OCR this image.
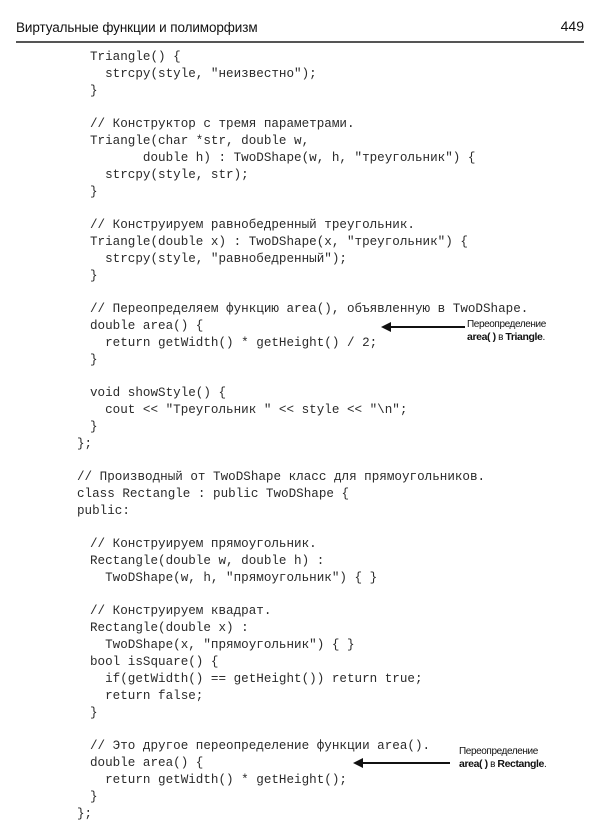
Виртуальные функции и полиморфизм	449
Triangle() {
strcpy(style, "неизвестно");
}
// Конструктор с тремя параметрами.
Triangle(char *str, double w,
double h) : TwoDShape(w, h, "треугольник") {
strcpy(style, str);
}
// Конструируем равнобедренный треугольник.
Triangle(double x) : TwoDShape(x, "треугольник") {
strcpy(style, "равнобедренный");
}
// Переопределяем функцию area(), объявленную в TwoDShape.
double area() {
return getWidth() * getHeight() / 2;
}
void showStyle() {
cout << "Треугольник " << style << "\n";
}
};
// Производный от TwoDShape класс для прямоугольников.
class Rectangle : public TwoDShape {
public:
// Конструируем прямоугольник.
Rectangle(double w, double h) :
TwoDShape(w, h, "прямоугольник") { }
// Конструируем квадрат.
Rectangle(double x) :
TwoDShape(x, "прямоугольник") { }
bool isSquare() {
if(getWidth() == getHeight()) return true;
return false;
}
// Это другое переопределение функции area().
double area() {
return getWidth() * getHeight();
}
};
Переопределение
area( ) в Triangle.
Переопределение
area( ) в Rectangle.
